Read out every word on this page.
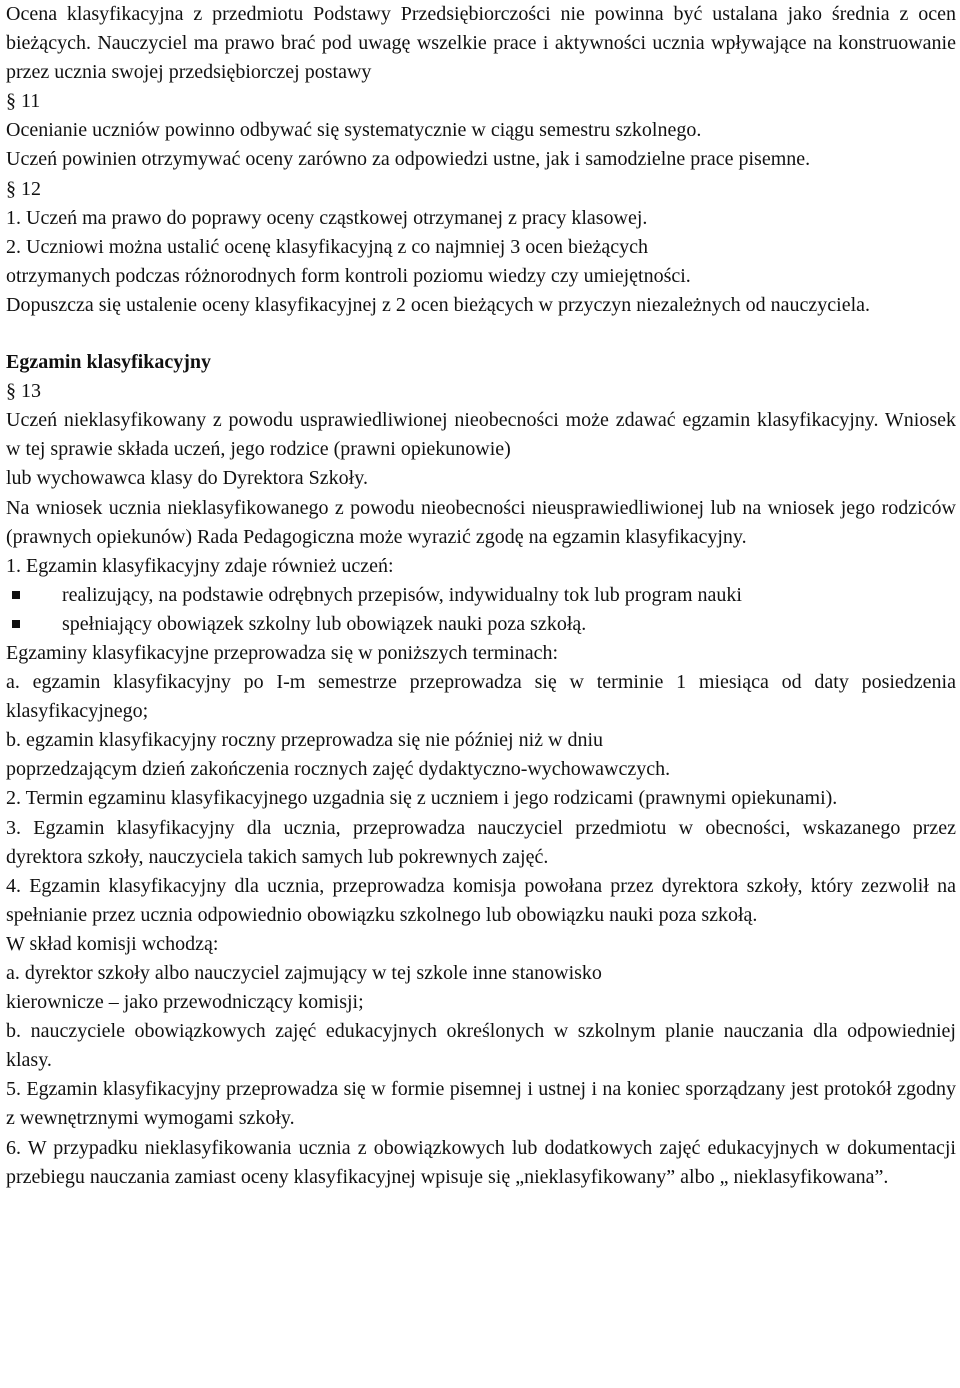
Ocena klasyfikacyjna z przedmiotu Podstawy Przedsiębiorczości nie powinna być ustalana jako średnia z ocen bieżących. Nauczyciel ma prawo brać pod uwagę wszelkie prace i aktywności ucznia wpływające na konstruowanie przez ucznia swojej przedsiębiorczej postawy

§ 11

Ocenianie uczniów powinno odbywać się systematycznie w ciągu semestru szkolnego.

Uczeń powinien otrzymywać oceny zarówno za odpowiedzi ustne, jak i samodzielne prace pisemne.

§ 12

1. Uczeń ma prawo do poprawy oceny cząstkowej otrzymanej z pracy klasowej.

2. Uczniowi można ustalić ocenę klasyfikacyjną z co najmniej 3 ocen bieżących

otrzymanych podczas różnorodnych form kontroli poziomu wiedzy czy umiejętności.

Dopuszcza się ustalenie oceny klasyfikacyjnej z 2 ocen bieżących w przyczyn niezależnych od nauczyciela.

Egzamin klasyfikacyjny

§ 13

Uczeń nieklasyfikowany z powodu usprawiedliwionej nieobecności może zdawać egzamin klasyfikacyjny. Wniosek w tej sprawie składa uczeń, jego rodzice (prawni opiekunowie)

lub wychowawca klasy do Dyrektora Szkoły.

Na wniosek ucznia nieklasyfikowanego z powodu nieobecności nieusprawiedliwionej lub na wniosek jego rodziców (prawnych opiekunów) Rada Pedagogiczna może wyrazić zgodę na egzamin klasyfikacyjny.

1. Egzamin klasyfikacyjny zdaje również uczeń:

realizujący, na podstawie odrębnych przepisów, indywidualny tok lub program nauki
spełniający obowiązek szkolny lub obowiązek nauki poza szkołą.

Egzaminy klasyfikacyjne przeprowadza się w poniższych terminach:

a. egzamin klasyfikacyjny po I-m semestrze przeprowadza się w terminie 1 miesiąca od daty posiedzenia klasyfikacyjnego;

b. egzamin klasyfikacyjny roczny przeprowadza się nie później niż w dniu

poprzedzającym dzień zakończenia rocznych zajęć dydaktyczno-wychowawczych.

2. Termin egzaminu klasyfikacyjnego uzgadnia się z uczniem i jego rodzicami (prawnymi opiekunami).

3. Egzamin klasyfikacyjny dla ucznia, przeprowadza nauczyciel przedmiotu w obecności, wskazanego przez dyrektora szkoły, nauczyciela takich samych lub pokrewnych zajęć.

4. Egzamin klasyfikacyjny dla ucznia, przeprowadza komisja powołana przez dyrektora szkoły, który zezwolił na spełnianie przez ucznia odpowiednio obowiązku szkolnego lub obowiązku nauki poza szkołą.

W skład komisji wchodzą:

a. dyrektor szkoły albo nauczyciel zajmujący w tej szkole inne stanowisko

kierownicze – jako przewodniczący komisji;

b. nauczyciele obowiązkowych zajęć edukacyjnych określonych w szkolnym planie nauczania dla odpowiedniej klasy.

5. Egzamin klasyfikacyjny przeprowadza się w formie pisemnej i ustnej i na koniec sporządzany jest protokół zgodny z wewnętrznymi wymogami szkoły.

6. W przypadku nieklasyfikowania ucznia z obowiązkowych lub dodatkowych zajęć edukacyjnych w dokumentacji przebiegu nauczania zamiast oceny klasyfikacyjnej wpisuje się „nieklasyfikowany” albo „ nieklasyfikowana”.
